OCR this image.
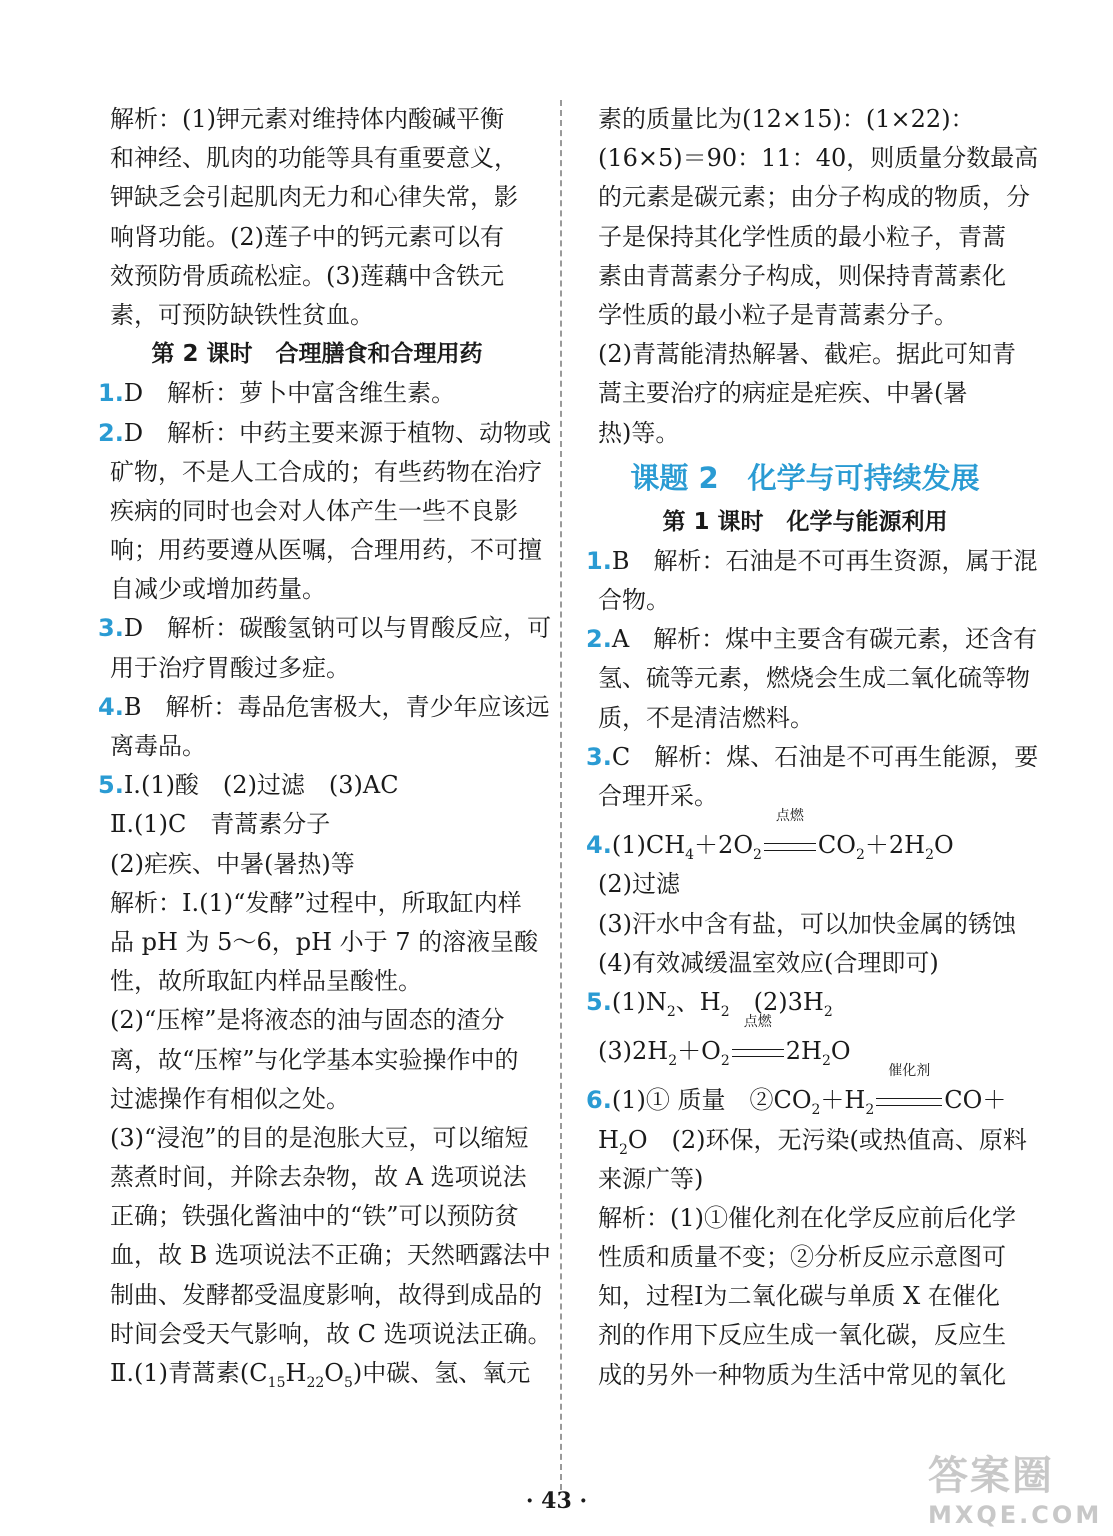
解析：(1)钾元素对维持体内酸碱平衡
和神经、肌肉的功能等具有重要意义，
钾缺乏会引起肌肉无力和心律失常，影
响肾功能。(2)莲子中的钙元素可以有
效预防骨质疏松症。(3)莲藕中含铁元
素，可预防缺铁性贫血。
第 2 课时　合理膳食和合理用药
1.D　解析：萝卜中富含维生素。
2.D　解析：中药主要来源于植物、动物或
矿物，不是人工合成的；有些药物在治疗
疾病的同时也会对人体产生一些不良影
响；用药要遵从医嘱，合理用药，不可擅
自减少或增加药量。
3.D　解析：碳酸氢钠可以与胃酸反应，可
用于治疗胃酸过多症。
4.B　解析：毒品危害极大，青少年应该远
离毒品。
5.Ⅰ.(1)酸　(2)过滤　(3)AC
Ⅱ.(1)C　青蒿素分子
(2)疟疾、中暑(暑热)等
解析：Ⅰ.(1)“发酵”过程中，所取缸内样
品 pH 为 5～6，pH 小于 7 的溶液呈酸
性，故所取缸内样品呈酸性。
(2)“压榨”是将液态的油与固态的渣分
离，故“压榨”与化学基本实验操作中的
过滤操作有相似之处。
(3)“浸泡”的目的是泡胀大豆，可以缩短
蒸煮时间，并除去杂物，故 A 选项说法
正确；铁强化酱油中的“铁”可以预防贫
血，故 B 选项说法不正确；天然晒露法中
制曲、发酵都受温度影响，故得到成品的
时间会受天气影响，故 C 选项说法正确。
Ⅱ.(1)青蒿素$(C_{15}H_{22}O_5)$中碳、氢、氧元
素的质量比为(12×15)：(1×22)：
(16×5)＝90：11：40，则质量分数最高
的元素是碳元素；由分子构成的物质，分
子是保持其化学性质的最小粒子，青蒿
素由青蒿素分子构成，则保持青蒿素化
学性质的最小粒子是青蒿素分子。
(2)青蒿能清热解暑、截疟。据此可知青
蒿主要治疗的病症是疟疾、中暑(暑
热)等。
课题 2　化学与可持续发展
第 1 课时　化学与能源利用
1.B　解析：石油是不可再生资源，属于混
合物。
2.A　解析：煤中主要含有碳元素，还含有
氢、硫等元素，燃烧会生成二氧化硫等物
质，不是清洁燃料。
3.C　解析：煤、石油是不可再生能源，要
合理开采。
$4.(1)CH_4+2O_2$
点燃
$CO_2+2H_2O$
(2)过滤
(3)汗水中含有盐，可以加快金属的锈蚀
(4)有效减缓温室效应(合理即可)
$5.(1)N_2$、$H_2$　$(2)3H_2$
$(3)2H_2+O_2$
点燃
$2H_2O$
6.(1)① 质量　$②CO_2+H_2$
催化剂
CO＋
$H_2O$　(2)环保，无污染(或热值高、原料
来源广等)
解析：(1)①催化剂在化学反应前后化学
性质和质量不变；②分析反应示意图可
知，过程Ⅰ为二氧化碳与单质 X 在催化
剂的作用下反应生成一氧化碳，反应生
成的另外一种物质为生活中常见的氧化
· 43 ·
答案圈
MXQE.COM
